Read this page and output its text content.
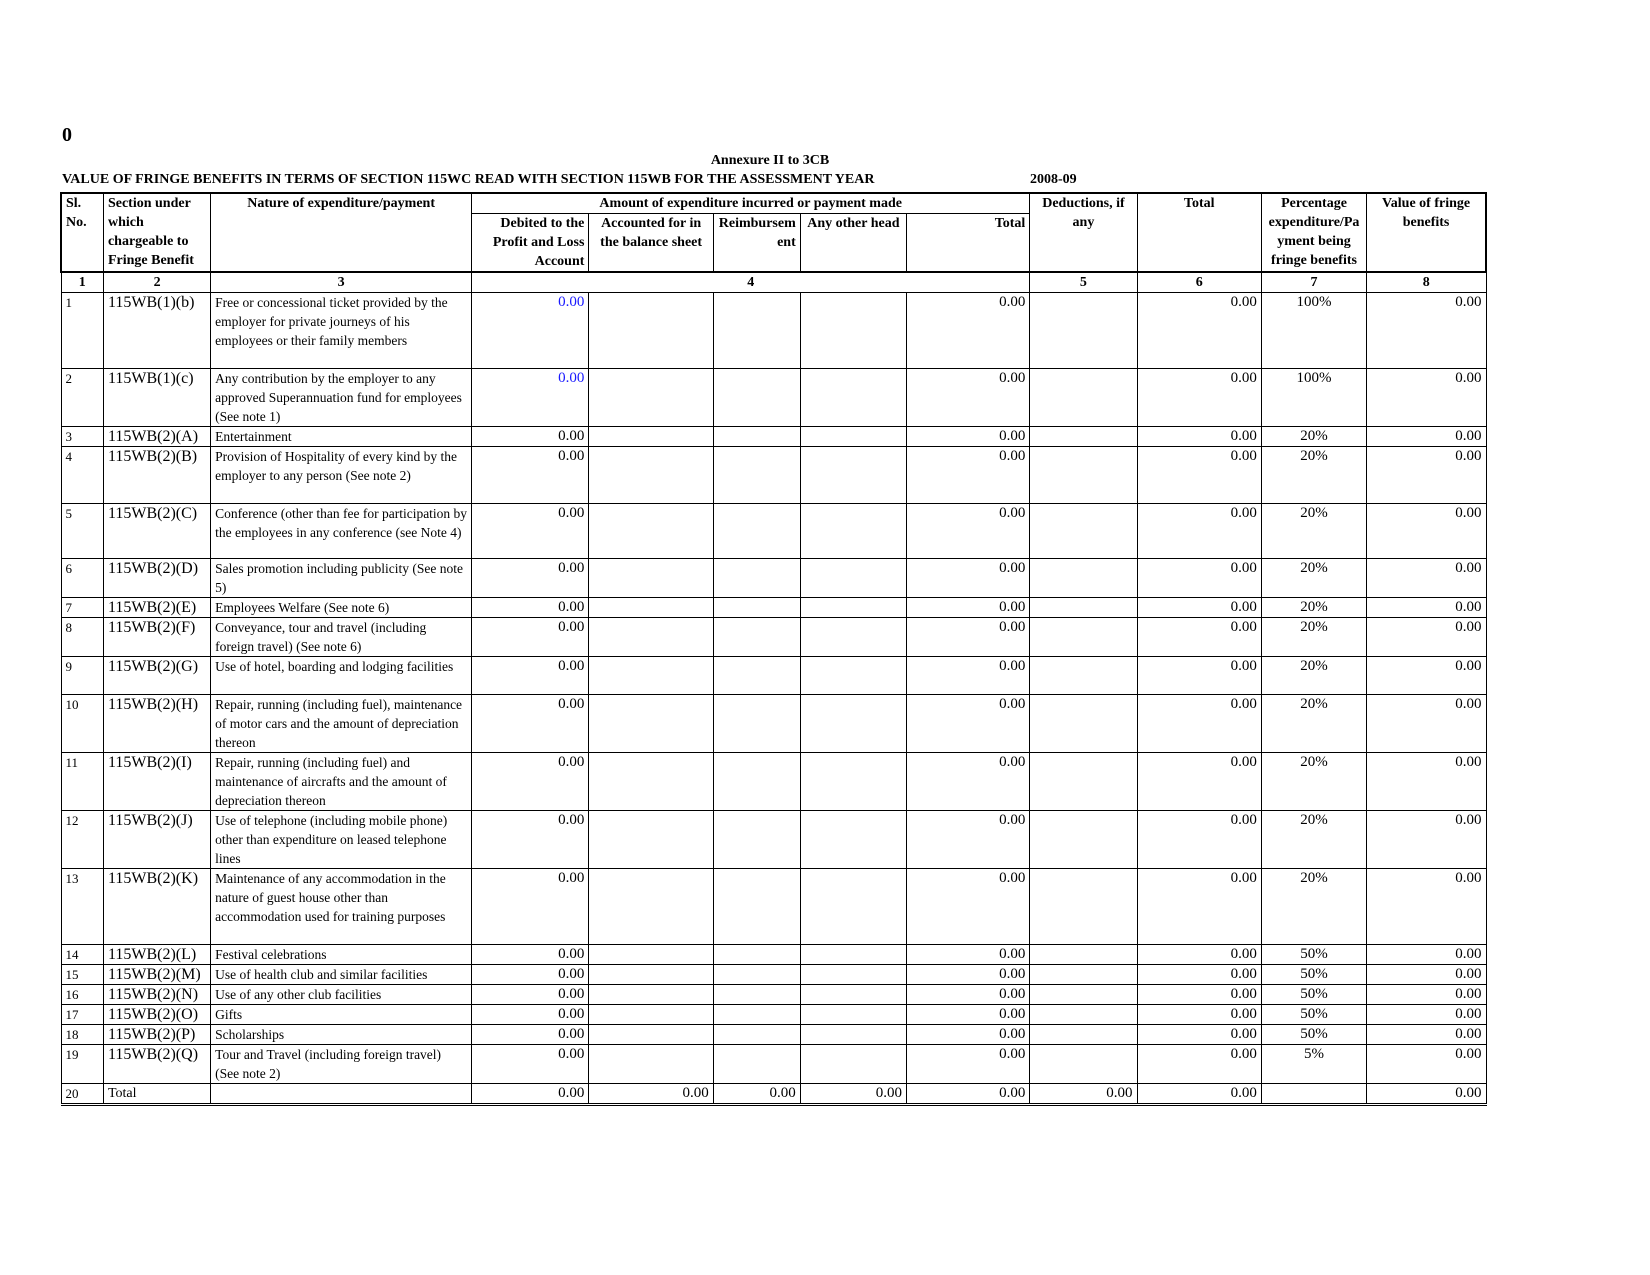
0
Annexure II to 3CB
VALUE OF FRINGE BENEFITS IN TERMS OF SECTION 115WC READ WITH SECTION 115WB FOR THE ASSESSMENT YEAR	2008-09
Sl. No.	Section under which chargeable to Fringe Benefit	Nature of expenditure/payment	Amount of expenditure incurred or payment made					Deductions, if any	Total	Percentage expenditure/Pa yment being fringe benefits	Value of fringe benefits
			Debited to the Profit and Loss Account	Accounted for in the balance sheet	Reimbursem ent	Any other head	Total				
1	2	3	4					5	6	7	8
1	115WB(1)(b)	Free or concessional ticket provided by the employer for private journeys of his employees or their family members	0.00				0.00		0.00	100%	0.00
2	115WB(1)(c)	Any contribution by the employer to any approved Superannuation fund for employees (See note 1)	0.00				0.00		0.00	100%	0.00
3	115WB(2)(A)	Entertainment	0.00				0.00		0.00	20%	0.00
4	115WB(2)(B)	Provision of Hospitality of every kind by the employer to any person (See note 2)	0.00				0.00		0.00	20%	0.00
5	115WB(2)(C)	Conference (other than fee for participation by the employees in any conference (see Note 4)	0.00				0.00		0.00	20%	0.00
6	115WB(2)(D)	Sales promotion including publicity (See note 5)	0.00				0.00		0.00	20%	0.00
7	115WB(2)(E)	Employees Welfare (See note 6)	0.00				0.00		0.00	20%	0.00
8	115WB(2)(F)	Conveyance, tour and travel (including foreign travel) (See note 6)	0.00				0.00		0.00	20%	0.00
9	115WB(2)(G)	Use of hotel, boarding and lodging facilities	0.00				0.00		0.00	20%	0.00
10	115WB(2)(H)	Repair, running (including fuel), maintenance of motor cars and the amount of depreciation thereon	0.00				0.00		0.00	20%	0.00
11	115WB(2)(I)	Repair, running (including fuel) and maintenance of aircrafts and the amount of depreciation thereon	0.00				0.00		0.00	20%	0.00
12	115WB(2)(J)	Use of telephone (including mobile phone) other than expenditure on leased telephone lines	0.00				0.00		0.00	20%	0.00
13	115WB(2)(K)	Maintenance of any accommodation in the nature of guest house other than accommodation used for training purposes	0.00				0.00		0.00	20%	0.00
14	115WB(2)(L)	Festival celebrations	0.00				0.00		0.00	50%	0.00
15	115WB(2)(M)	Use of health club and similar facilities	0.00				0.00		0.00	50%	0.00
16	115WB(2)(N)	Use of any other club facilities	0.00				0.00		0.00	50%	0.00
17	115WB(2)(O)	Gifts	0.00				0.00		0.00	50%	0.00
18	115WB(2)(P)	Scholarships	0.00				0.00		0.00	50%	0.00
19	115WB(2)(Q)	Tour and Travel (including foreign travel) (See note 2)	0.00				0.00		0.00	5%	0.00
20	Total		0.00	0.00	0.00	0.00	0.00	0.00	0.00		0.00
